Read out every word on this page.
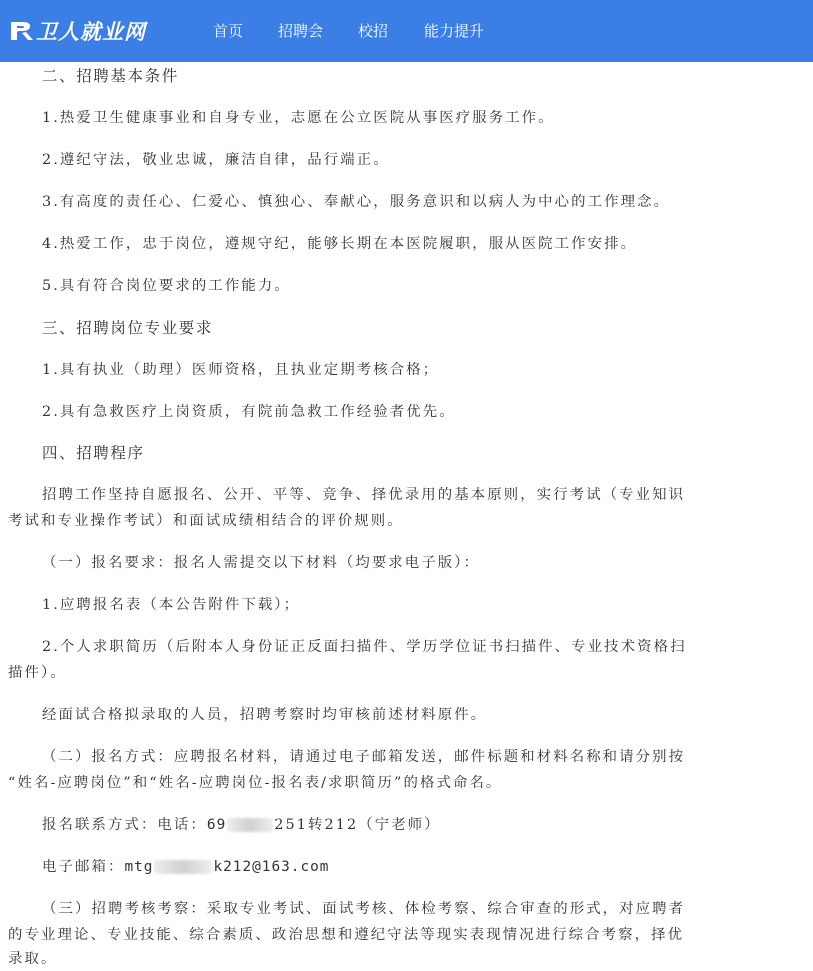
卫人就业网	首页 招聘会 校招 能力提升
二、招聘基本条件
1.热爱卫生健康事业和自身专业，志愿在公立医院从事医疗服务工作。
2.遵纪守法，敬业忠诚，廉洁自律，品行端正。
3.有高度的责任心、仁爱心、慎独心、奉献心，服务意识和以病人为中心的工作理念。
4.热爱工作，忠于岗位，遵规守纪，能够长期在本医院履职，服从医院工作安排。
5.具有符合岗位要求的工作能力。
三、招聘岗位专业要求
1.具有执业（助理）医师资格，且执业定期考核合格；
2.具有急救医疗上岗资质，有院前急救工作经验者优先。
四、招聘程序
招聘工作坚持自愿报名、公开、平等、竞争、择优录用的基本原则，实行考试（专业知识
考试和专业操作考试）和面试成绩相结合的评价规则。
（一）报名要求：报名人需提交以下材料（均要求电子版）：
1.应聘报名表（本公告附件下载）；
2.个人求职简历（后附本人身份证正反面扫描件、学历学位证书扫描件、专业技术资格扫
描件）。
经面试合格拟录取的人员，招聘考察时均审核前述材料原件。
（二）报名方式：应聘报名材料，请通过电子邮箱发送，邮件标题和材料名称和请分别按
“姓名-应聘岗位”和“姓名-应聘岗位-报名表/求职简历”的格式命名。
报名联系方式：电话：69	251转212（宁老师）
电子邮箱：mtg	k212@163.com
（三）招聘考核考察：采取专业考试、面试考核、体检考察、综合审查的形式，对应聘者
的专业理论、专业技能、综合素质、政治思想和遵纪守法等现实表现情况进行综合考察，择优
录取。
